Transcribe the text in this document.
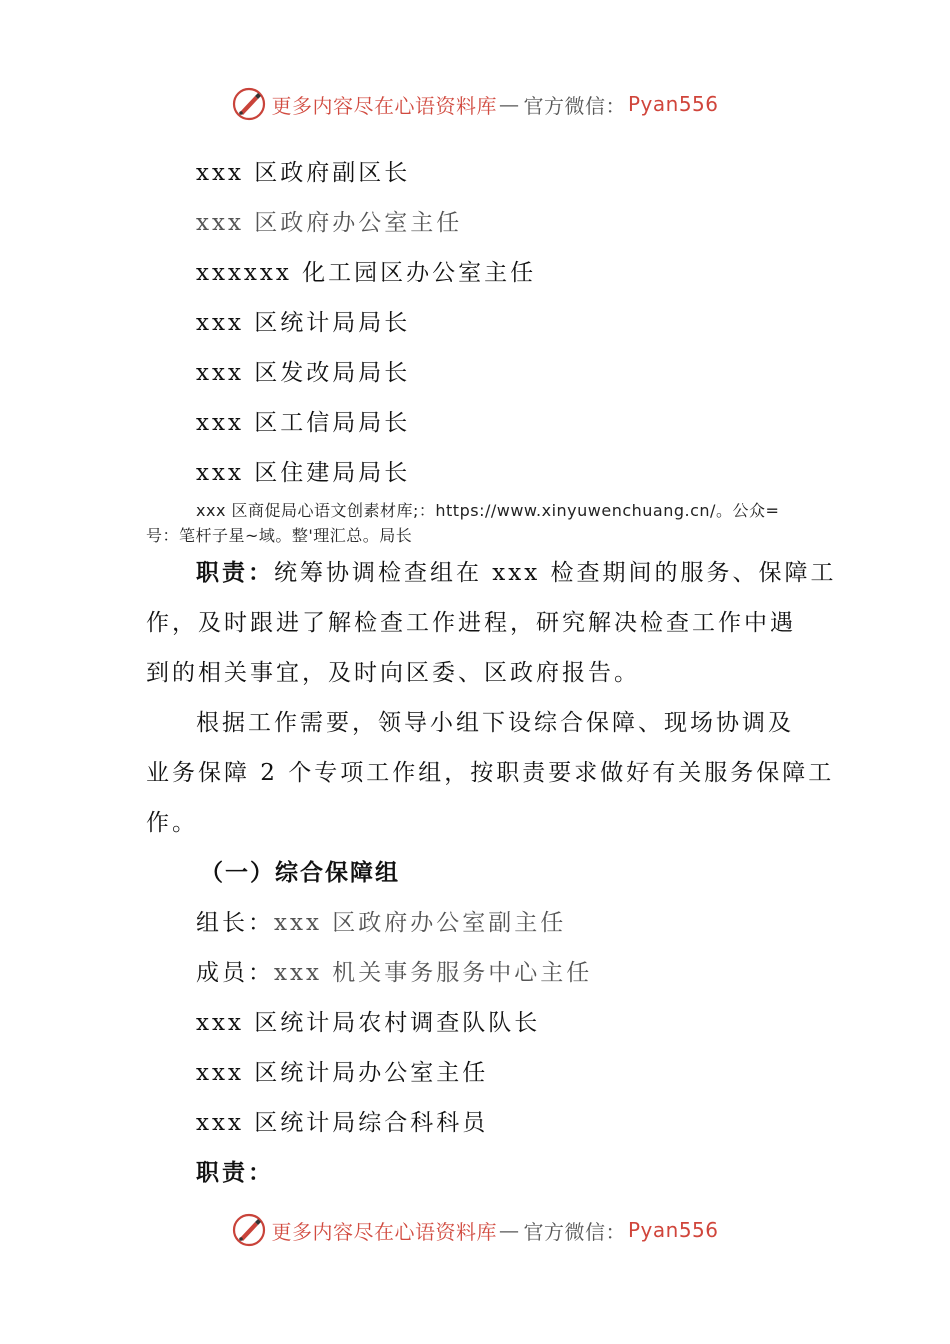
更多内容尽在心语资料库 — 官方微信： Pyan556
xxx 区政府副区长
xxx 区政府办公室主任
xxxxxx 化工园区办公室主任
xxx 区统计局局长
xxx 区发改局局长
xxx 区工信局局长
xxx 区住建局局长
xxx 区商促局心语文创素材库;：https://www.xinyuwenchuang.cn/。公众=
号：笔杆子星~域。整'理汇总。局长
职责：统筹协调检查组在 xxx 检查期间的服务、保障工
作，及时跟进了解检查工作进程，研究解决检查工作中遇
到的相关事宜，及时向区委、区政府报告。
根据工作需要，领导小组下设综合保障、现场协调及
业务保障 2 个专项工作组，按职责要求做好有关服务保障工
作。
（一）综合保障组
组长：xxx 区政府办公室副主任
成员：xxx 机关事务服务中心主任
xxx 区统计局农村调查队队长
xxx 区统计局办公室主任
xxx 区统计局综合科科员
职责：
更多内容尽在心语资料库 — 官方微信： Pyan556
